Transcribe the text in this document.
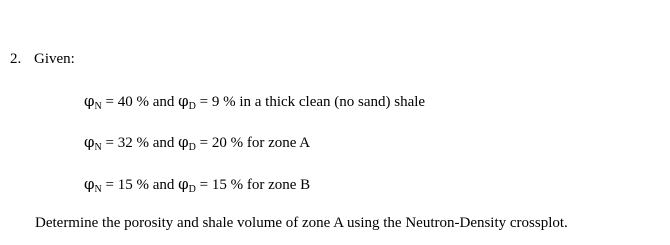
2. Given:
$\varphi_N = 40$ % and $\varphi_D = 9$ % in a thick clean (no sand) shale
$\varphi_N = 32$ % and $\varphi_D = 20$ % for zone A
$\varphi_N = 15$ % and $\varphi_D = 15$ % for zone B
Determine the porosity and shale volume of zone A using the Neutron-Density crossplot.
